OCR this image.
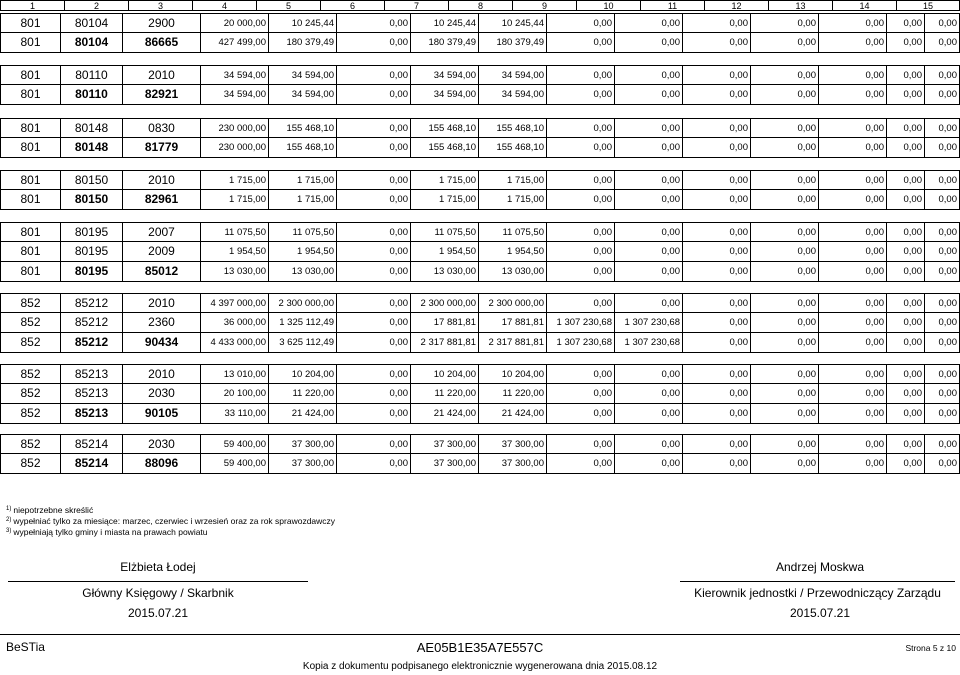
1	2	3	4	5	6	7	8	9	10	11	12	13	14	15
801	80104	2900	20 000,00	10 245,44	0,00	10 245,44	10 245,44	0,00	0,00	0,00	0,00	0,00	0,00	0,00
801	80104	86665	427 499,00	180 379,49	0,00	180 379,49	180 379,49	0,00	0,00	0,00	0,00	0,00	0,00	0,00
801	80110	2010	34 594,00	34 594,00	0,00	34 594,00	34 594,00	0,00	0,00	0,00	0,00	0,00	0,00	0,00
801	80110	82921	34 594,00	34 594,00	0,00	34 594,00	34 594,00	0,00	0,00	0,00	0,00	0,00	0,00	0,00
801	80148	0830	230 000,00	155 468,10	0,00	155 468,10	155 468,10	0,00	0,00	0,00	0,00	0,00	0,00	0,00
801	80148	81779	230 000,00	155 468,10	0,00	155 468,10	155 468,10	0,00	0,00	0,00	0,00	0,00	0,00	0,00
801	80150	2010	1 715,00	1 715,00	0,00	1 715,00	1 715,00	0,00	0,00	0,00	0,00	0,00	0,00	0,00
801	80150	82961	1 715,00	1 715,00	0,00	1 715,00	1 715,00	0,00	0,00	0,00	0,00	0,00	0,00	0,00
801	80195	2007	11 075,50	11 075,50	0,00	11 075,50	11 075,50	0,00	0,00	0,00	0,00	0,00	0,00	0,00
801	80195	2009	1 954,50	1 954,50	0,00	1 954,50	1 954,50	0,00	0,00	0,00	0,00	0,00	0,00	0,00
801	80195	85012	13 030,00	13 030,00	0,00	13 030,00	13 030,00	0,00	0,00	0,00	0,00	0,00	0,00	0,00
852	85212	2010	4 397 000,00	2 300 000,00	0,00	2 300 000,00	2 300 000,00	0,00	0,00	0,00	0,00	0,00	0,00	0,00
852	85212	2360	36 000,00	1 325 112,49	0,00	17 881,81	17 881,81	1 307 230,68	1 307 230,68	0,00	0,00	0,00	0,00	0,00
852	85212	90434	4 433 000,00	3 625 112,49	0,00	2 317 881,81	2 317 881,81	1 307 230,68	1 307 230,68	0,00	0,00	0,00	0,00	0,00
852	85213	2010	13 010,00	10 204,00	0,00	10 204,00	10 204,00	0,00	0,00	0,00	0,00	0,00	0,00	0,00
852	85213	2030	20 100,00	11 220,00	0,00	11 220,00	11 220,00	0,00	0,00	0,00	0,00	0,00	0,00	0,00
852	85213	90105	33 110,00	21 424,00	0,00	21 424,00	21 424,00	0,00	0,00	0,00	0,00	0,00	0,00	0,00
852	85214	2030	59 400,00	37 300,00	0,00	37 300,00	37 300,00	0,00	0,00	0,00	0,00	0,00	0,00	0,00
852	85214	88096	59 400,00	37 300,00	0,00	37 300,00	37 300,00	0,00	0,00	0,00	0,00	0,00	0,00	0,00
$^{1)}$ niepotrzebne skreślić
$^{2)}$ wypełniać tylko za miesiące: marzec, czerwiec i wrzesień oraz za rok sprawozdawczy
$^{3)}$ wypełniają tylko gminy i miasta na prawach powiatu
Elżbieta Łodej
Główny Księgowy / Skarbnik
2015.07.21
Andrzej Moskwa
Kierownik jednostki / Przewodniczący Zarządu
2015.07.21
BeSTia	AE05B1E35A7E557C	Strona 5 z 10
Kopia z dokumentu podpisanego elektronicznie wygenerowana dnia 2015.08.12
